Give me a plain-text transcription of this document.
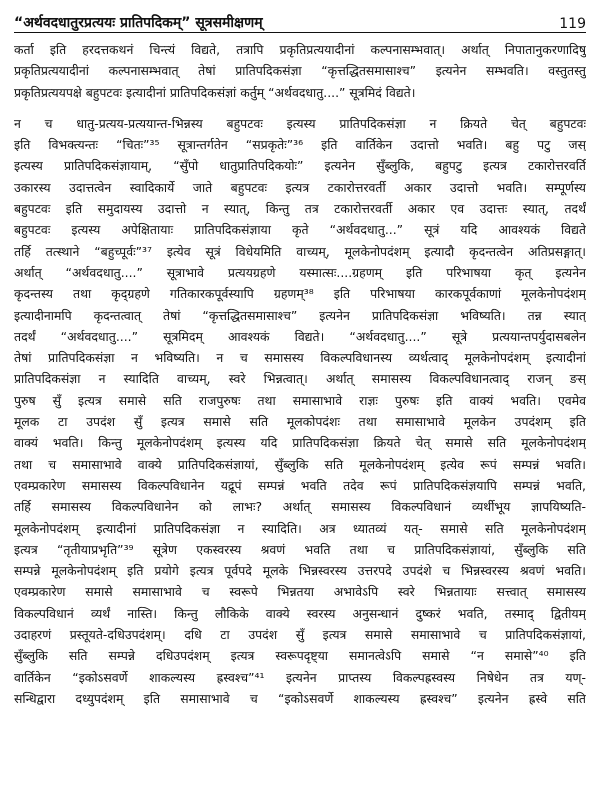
“अर्थवदधातुरप्रत्ययः प्रातिपदिकम्” सूत्रसमीक्षणम्	119
कर्ता इति हरदत्तकथनं चिन्त्यं विद्यते, तत्रापि प्रकृतिप्रत्ययादीनां कल्पनासम्भवात्। अर्थात् निपातानुकरणादिषु
प्रकृतिप्रत्ययादीनां कल्पनासम्भवात् तेषां प्रातिपदिकसंज्ञा “कृत्तद्धितसमासाश्च” इत्यनेन सम्भवति। वस्तुतस्तु
प्रकृतिप्रत्ययपक्षे बहुपटवः इत्यादीनां प्रातिपदिकसंज्ञां कर्तुम् “अर्थवदधातु....” सूत्रमिदं विद्यते।
न च धातु-प्रत्यय-प्रत्ययान्त-भिन्नस्य बहुपटवः इत्यस्य प्रातिपदिकसंज्ञा न क्रियते चेत् बहुपटवः
इति विभक्त्यन्तः “चितः”³⁵ सूत्रान्तर्गतेन “सप्रकृतेः”³⁶ इति वार्तिकेन उदात्तो भवति। बहु पटु जस्
इत्यस्य प्रातिपदिकसंज्ञायाम्, “सुँपो धातुप्रातिपदिकयोः” इत्यनेन सुँब्लुकि, बहुपटु इत्यत्र टकारोत्तरवर्ति
उकारस्य उदात्तत्वेन स्वादिकार्ये जाते बहुपटवः इत्यत्र टकारोत्तरवर्ती अकार उदात्तो भवति। सम्पूर्णस्य
बहुपटवः इति समुदायस्य उदात्तो न स्यात्, किन्तु तत्र टकारोत्तरवर्ती अकार एव उदात्तः स्यात्, तदर्थं
बहुपटवः इत्यस्य अपेक्षितायाः प्रातिपदिकसंज्ञाया कृते “अर्थवदधातु...” सूत्रं यदि आवश्यकं विद्यते
तर्हि तत्स्थाने “बहुच्पूर्वः”³⁷ इत्येव सूत्रं विधेयमिति वाच्यम्, मूलकेनोपदंशम् इत्यादौ कृदन्तत्वेन अतिप्रसङ्गात्।
अर्थात् “अर्थवदधातु....” सूत्राभावे प्रत्ययग्रहणे यस्मात्सः....ग्रहणम् इति परिभाषया कृत् इत्यनेन
कृदन्तस्य तथा कृद्ग्रहणे गतिकारकपूर्वस्यापि ग्रहणम्³⁸ इति परिभाषया कारकपूर्वकाणां मूलकेनोपदंशम्
इत्यादीनामपि कृदन्तत्वात् तेषां “कृत्तद्धितसमासाश्च” इत्यनेन प्रातिपदिकसंज्ञा भविष्यति। तन्न स्यात्
तदर्थं “अर्थवदधातु....” सूत्रमिदम् आवश्यकं विद्यते। “अर्थवदधातु....” सूत्रे प्रत्ययान्तपर्युदासबलेन
तेषां प्रातिपदिकसंज्ञा न भविष्यति। न च समासस्य विकल्पविधानस्य व्यर्थत्वाद् मूलकेनोपदंशम् इत्यादीनां
प्रातिपदिकसंज्ञा न स्यादिति वाच्यम्, स्वरे भिन्नत्वात्। अर्थात् समासस्य विकल्पविधानत्वाद् राजन् ङस्
पुरुष सुँ इत्यत्र समासे सति राजपुरुषः तथा समासाभावे राज्ञः पुरुषः इति वाक्यं भवति। एवमेव
मूलक टा उपदंश सुँ इत्यत्र समासे सति मूलकोपदंशः तथा समासाभावे मूलकेन उपदंशम् इति
वाक्यं भवति। किन्तु मूलकेनोपदंशम् इत्यस्य यदि प्रातिपदिकसंज्ञा क्रियते चेत् समासे सति मूलकेनोपदंशम्
तथा च समासाभावे वाक्ये प्रातिपदिकसंज्ञायां, सुँब्लुकि सति मूलकेनोपदंशम् इत्येव रूपं सम्पन्नं भवति।
एवम्प्रकारेण समासस्य विकल्पविधानेन यद्रूपं सम्पन्नं भवति तदेव रूपं प्रातिपदिकसंज्ञयापि सम्पन्नं भवति,
तर्हि समासस्य विकल्पविधानेन को लाभः? अर्थात् समासस्य विकल्पविधानं व्यर्थीभूय ज्ञापयिष्यति-
मूलकेनोपदंशम् इत्यादीनां प्रातिपदिकसंज्ञा न स्यादिति। अत्र ध्यातव्यं यत्- समासे सति मूलकेनोपदंशम्
इत्यत्र “तृतीयाप्रभृति”³⁹ सूत्रेण एकस्वरस्य श्रवणं भवति तथा च प्रातिपदिकसंज्ञायां, सुँब्लुकि सति
सम्पन्ने मूलकेनोपदंशम् इति प्रयोगे इत्यत्र पूर्वपदे मूलके भिन्नस्वरस्य उत्तरपदे उपदंशे च भिन्नस्वरस्य श्रवणं भवति।
एवम्प्रकारेण समासे समासाभावे च स्वरूपे भिन्नतया अभावेऽपि स्वरे भिन्नतायाः सत्त्वात् समासस्य
विकल्पविधानं व्यर्थं नास्ति। किन्तु लौकिके वाक्ये स्वरस्य अनुसन्धानं दुष्करं भवति, तस्माद् द्वितीयम्
उदाहरणं प्रस्तूयते-दधिउपदंशम्। दधि टा उपदंश सुँ इत्यत्र समासे समासाभावे च प्रातिपदिकसंज्ञायां,
सुँब्लुकि सति सम्पन्ने दधिउपदंशम् इत्यत्र स्वरूपदृष्ट्या समानत्वेऽपि समासे “न समासे”⁴⁰ इति
वार्तिकेन “इकोऽसवर्णे शाकल्यस्य ह्रस्वश्च”⁴¹ इत्यनेन प्राप्तस्य विकल्पह्रस्वस्य निषेधेन तत्र यण्-
सन्धिद्वारा दध्युपदंशम् इति समासाभावे च “इकोऽसवर्णे शाकल्यस्य ह्रस्वश्च” इत्यनेन ह्रस्वे सति
